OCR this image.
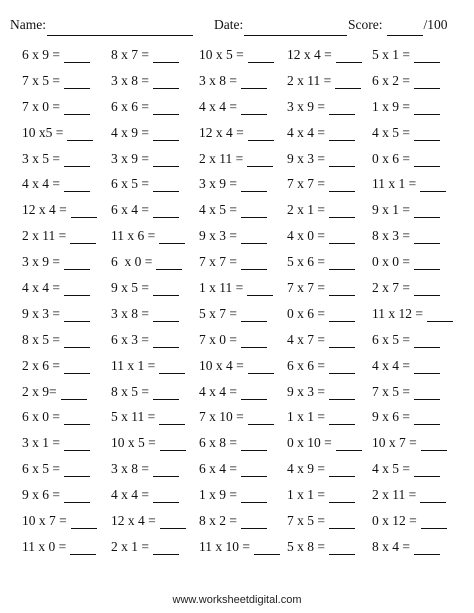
Name:	Date:	Score:	/100
6 x 9 =	8 x 7 =	10 x 5 =	12 x 4 =	5 x 1 =
7 x 5 =	3 x 8 =	3 x 8 =	2 x 11 =	6 x 2 =
7 x 0 =	6 x 6 =	4 x 4 =	3 x 9 =	1 x 9 =
10 x5 =	4 x 9 =	12 x 4 =	4 x 4 =	4 x 5 =
3 x 5 =	3 x 9 =	2 x 11 =	9 x 3 =	0 x 6 =
4 x 4 =	6 x 5 =	3 x 9 =	7 x 7 =	11 x 1 =
12 x 4 =	6 x 4 =	4 x 5 =	2 x 1 =	9 x 1 =
2 x 11 =	11 x 6 =	9 x 3 =	4 x 0 =	8 x 3 =
3 x 9 =	6  x 0 =	7 x 7 =	5 x 6 =	0 x 0 =
4 x 4 =	9 x 5 =	1 x 11 =	7 x 7 =	2 x 7 =
9 x 3 =	3 x 8 =	5 x 7 =	0 x 6 =	11 x 12 =
8 x 5 =	6 x 3 =	7 x 0 =	4 x 7 =	6 x 5 =
2 x 6 =	11 x 1 =	10 x 4 =	6 x 6 =	4 x 4 =
2 x 9=	8 x 5 =	4 x 4 =	9 x 3 =	7 x 5 =
6 x 0 =	5 x 11 =	7 x 10 =	1 x 1 =	9 x 6 =
3 x 1 =	10 x 5 =	6 x 8 =	0 x 10 =	10 x 7 =
6 x 5 =	3 x 8 =	6 x 4 =	4 x 9 =	4 x 5 =
9 x 6 =	4 x 4 =	1 x 9 =	1 x 1 =	2 x 11 =
10 x 7 =	12 x 4 =	8 x 2 =	7 x 5 =	0 x 12 =
11 x 0 =	2 x 1 =	11 x 10 =	5 x 8 =	8 x 4 =
www.worksheetdigital.com
